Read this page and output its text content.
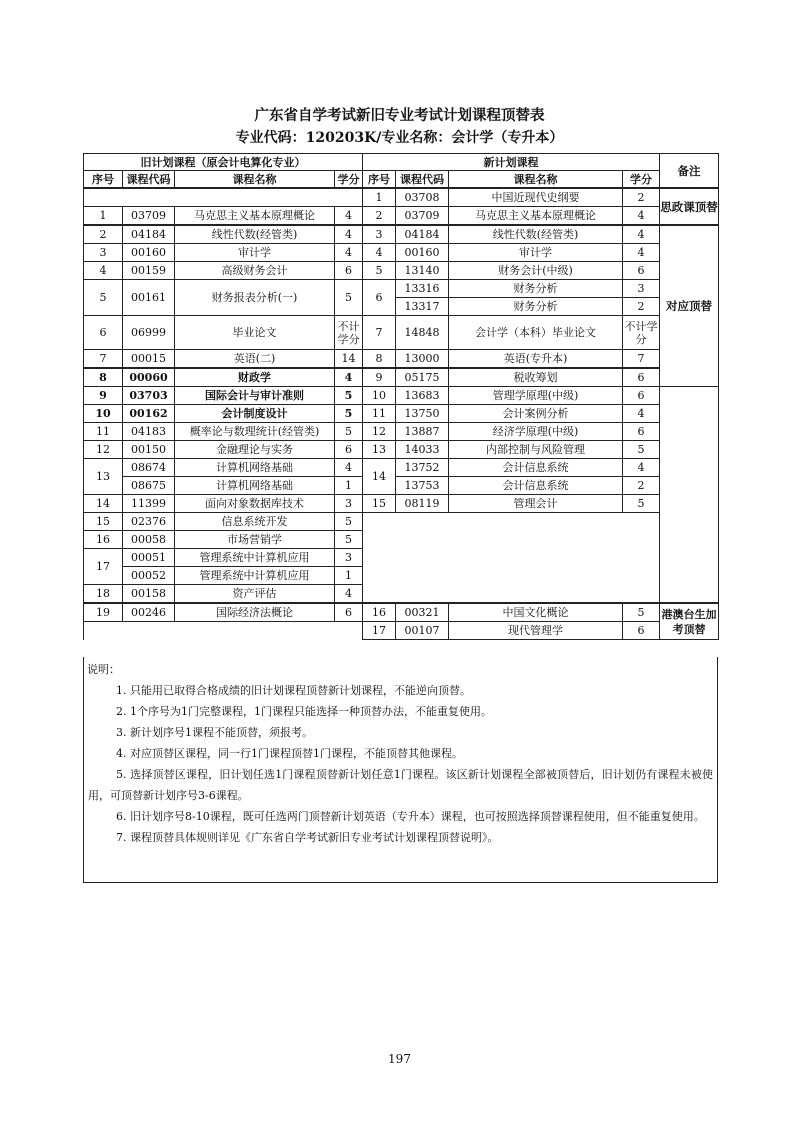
广东省自学考试新旧专业考试计划课程顶替表
专业代码：120203K/专业名称：会计学（专升本）
旧计划课程（原会计电算化专业）				新计划课程				备注	
序号	课程代码	课程名称	学分	序号	课程代码	课程名称	学分		
				1	03708	中国近现代史纲要	2	思政课顶替	
1	03709	马克思主义基本原理概论	4	2	03709	马克思主义基本原理概论	4		
2	04184	线性代数(经管类)	4	3	04184	线性代数(经管类)	4	对应顶替	
3	00160	审计学	4	4	00160	审计学	4		
4	00159	高级财务会计	6	5	13140	财务会计(中级)	6		
5	00161	财务报表分析(一)	5	6	13316	财务分析	3		
					13317	财务分析	2		
6	06999	毕业论文	不计学分	7	14848	会计学（本科）毕业论文	不计学分		
7	00015	英语(二)	14	8	13000	英语(专升本)	7		
8	00060	财政学	4	9	05175	税收筹划	6	
9	03703	国际会计与审计准则	5	10	13683	管理学原理(中级)	6		
10	00162	会计制度设计	5	11	13750	会计案例分析	4		
11	04183	概率论与数理统计(经管类)	5	12	13887	经济学原理(中级)	6		
12	00150	金融理论与实务	6	13	14033	内部控制与风险管理	5		
13	08674	计算机网络基础	4	14	13752	会计信息系统	4		
	08675	计算机网络基础	1		13753	会计信息系统	2		
14	11399	面向对象数据库技术	3	15	08119	管理会计	5		
15	02376	信息系统开发	5						
16	00058	市场营销学	5						
17	00051	管理系统中计算机应用	3						
	00052	管理系统中计算机应用	1						
18	00158	资产评估	4						
19	00246	国际经济法概论	6	16	00321	中国文化概论	5	港澳台生加考顶替	
				17	00107	现代管理学	6		
说明：

1. 只能用已取得合格成绩的旧计划课程顶替新计划课程，不能逆向顶替。

2. 1个序号为1门完整课程，1门课程只能选择一种顶替办法，不能重复使用。

3. 新计划序号1课程不能顶替，须报考。

4. 对应顶替区课程，同一行1门课程顶替1门课程，不能顶替其他课程。

5. 选择顶替区课程，旧计划任选1门课程顶替新计划任意1门课程。该区新计划课程全部被顶替后，旧计划仍有课程未被使用，可顶替新计划序号3-6课程。

6. 旧计划序号8-10课程，既可任选两门顶替新计划英语（专升本）课程，也可按照选择顶替课程使用，但不能重复使用。

7. 课程顶替具体规则详见《广东省自学考试新旧专业考试计划课程顶替说明》。

197
